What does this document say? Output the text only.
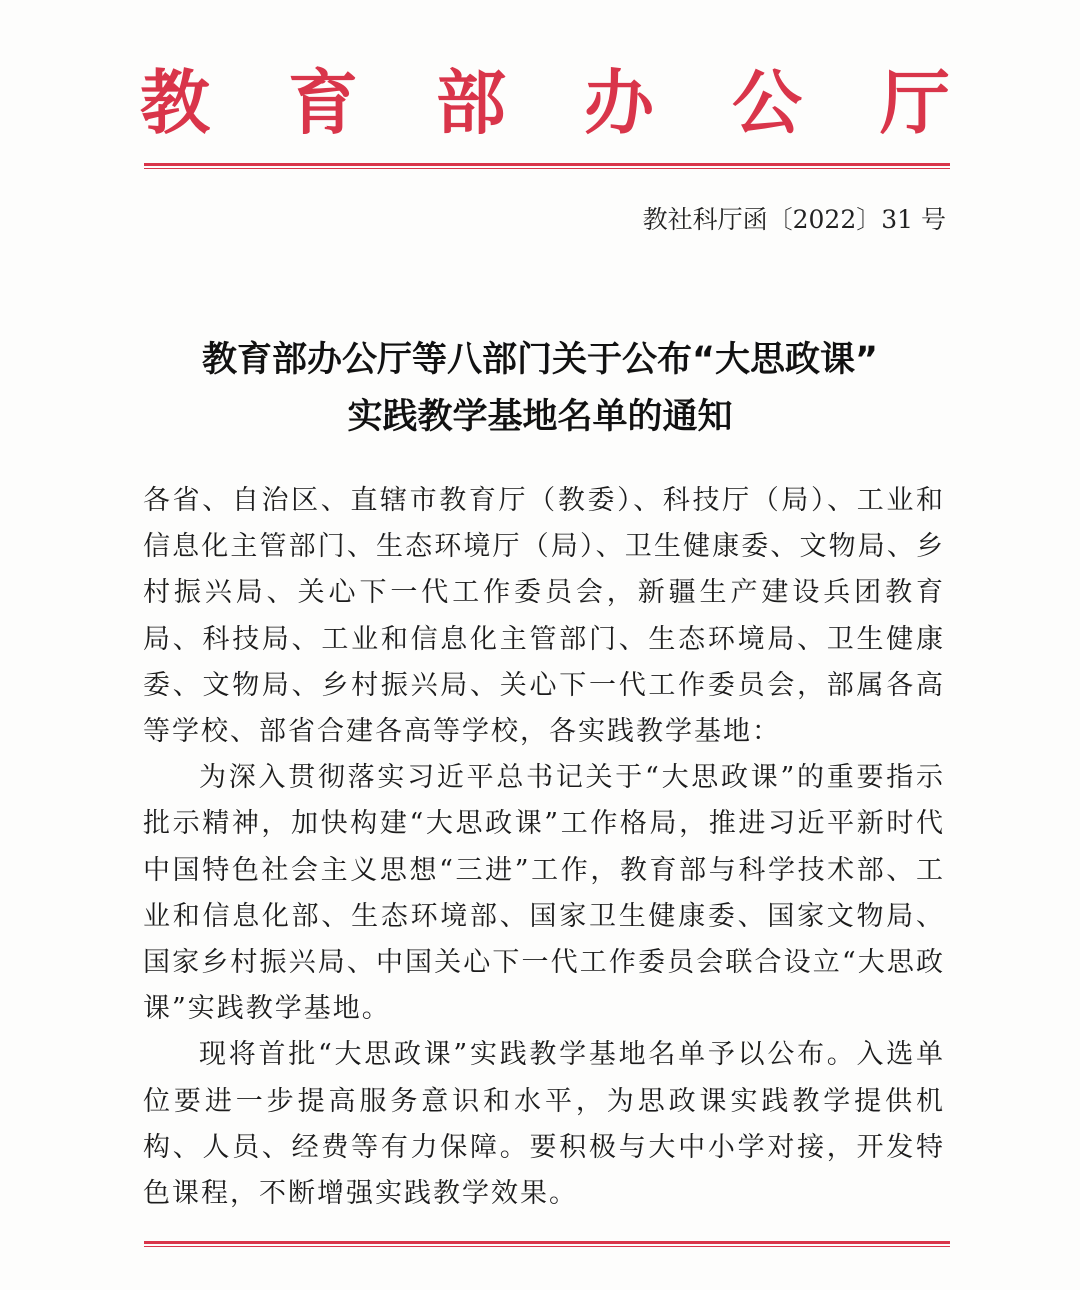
教 育 部 办 公 厅
教社科厅函〔2022〕31 号
教育部办公厅等八部门关于公布“大思政课”
实践教学基地名单的通知

各省、自治区、直辖市教育厅（教委）、科技厅（局）、工业和信息化主管部门、生态环境厅（局）、卫生健康委、文物局、乡村振兴局、关心下一代工作委员会，新疆生产建设兵团教育局、科技局、工业和信息化主管部门、生态环境局、卫生健康委、文物局、乡村振兴局、关心下一代工作委员会，部属各高等学校、部省合建各高等学校，各实践教学基地：

为深入贯彻落实习近平总书记关于“大思政课”的重要指示批示精神，加快构建“大思政课”工作格局，推进习近平新时代中国特色社会主义思想“三进”工作，教育部与科学技术部、工业和信息化部、生态环境部、国家卫生健康委、国家文物局、国家乡村振兴局、中国关心下一代工作委员会联合设立“大思政课”实践教学基地。

现将首批“大思政课”实践教学基地名单予以公布。入选单位要进一步提高服务意识和水平，为思政课实践教学提供机构、人员、经费等有力保障。要积极与大中小学对接，开发特色课程，不断增强实践教学效果。
